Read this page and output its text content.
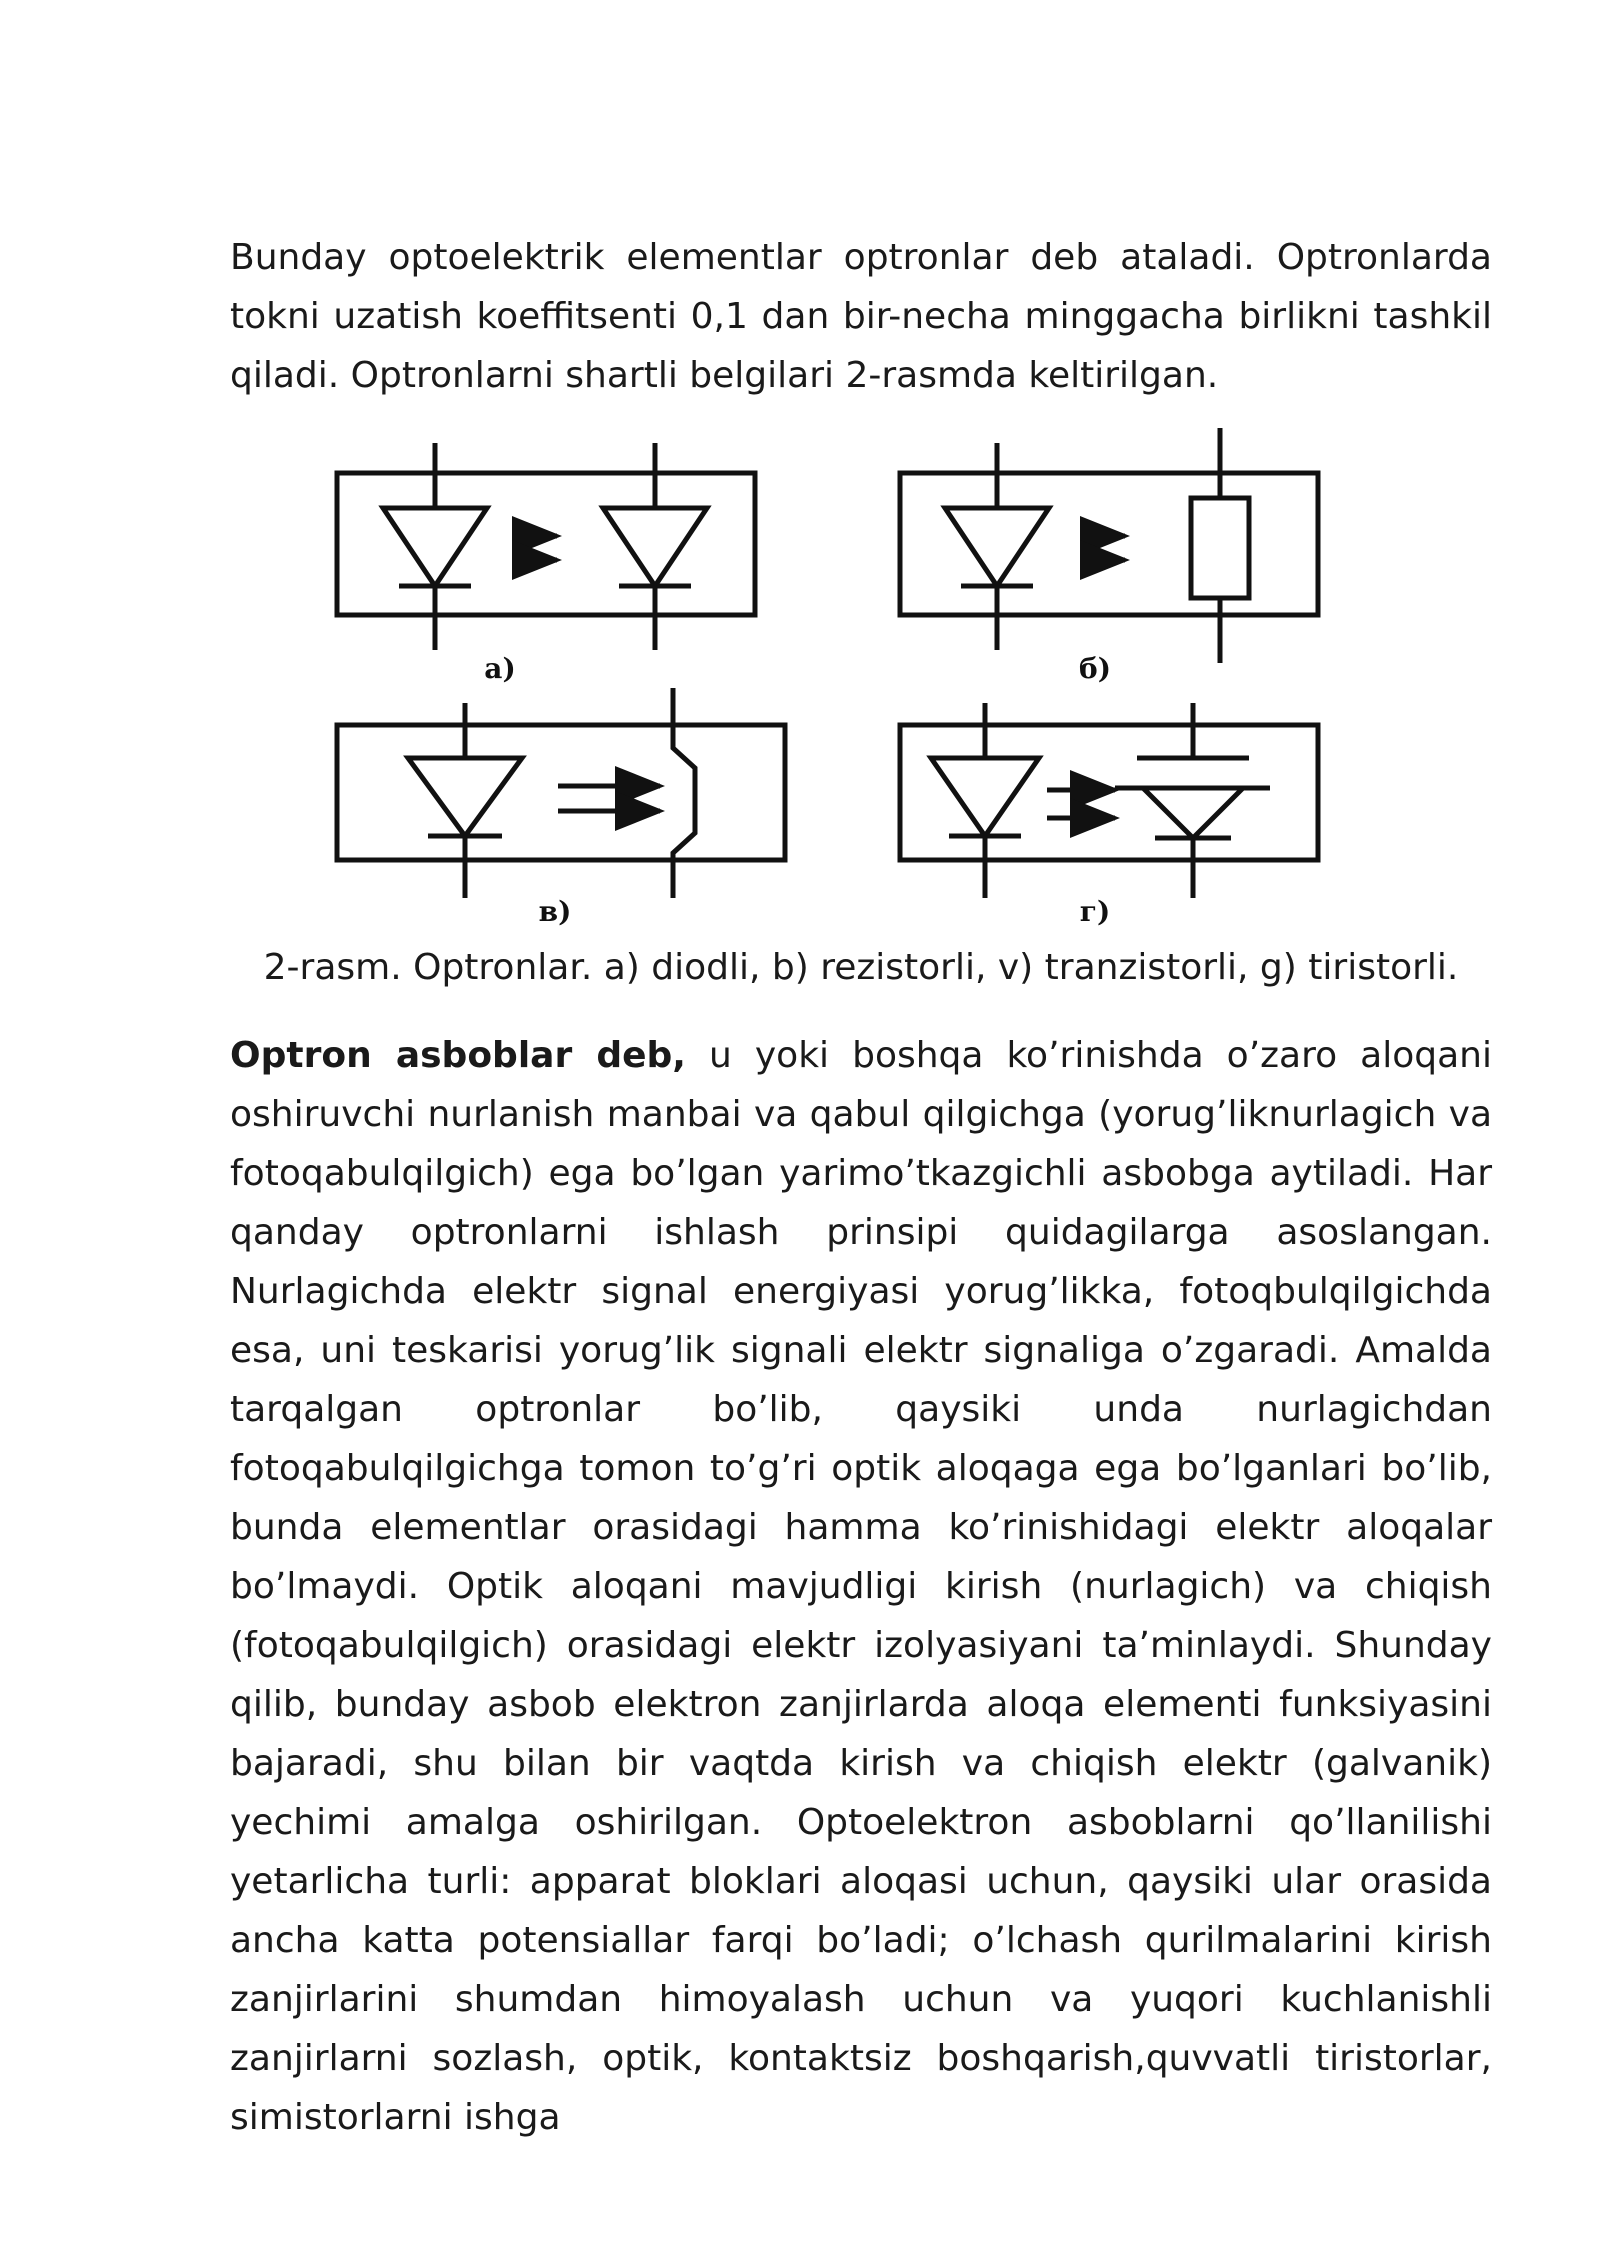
Bunday optoelektrik elementlar optronlar deb ataladi. Optronlarda tokni uzatish koeffitsenti 0,1 dan bir-necha minggacha birlikni tashkil qiladi. Optronlarni shartli belgilari 2-rasmda keltirilgan.

а)	б)
в)	г)

2-rasm. Optronlar. a) diodli, b) rezistorli, v) tranzistorli, g) tiristorli.

Optron asboblar deb, u yoki boshqa ko’rinishda o’zaro aloqani oshiruvchi nurlanish manbai va qabul qilgichga (yorug’liknurlagich va fotoqabulqilgich) ega bo’lgan yarimo’tkazgichli asbobga aytiladi. Har qanday optronlarni ishlash prinsipi quidagilarga asoslangan. Nurlagichda elektr signal energiyasi yorug’likka, fotoqbulqilgichda esa, uni teskarisi yorug’lik signali elektr signaliga o’zgaradi. Amalda tarqalgan optronlar bo’lib, qaysiki unda nurlagichdan fotoqabulqilgichga tomon to’g’ri optik aloqaga ega bo’lganlari bo’lib, bunda elementlar orasidagi hamma ko’rinishidagi elektr aloqalar bo’lmaydi. Optik aloqani mavjudligi kirish (nurlagich) va chiqish (fotoqabulqilgich) orasidagi elektr izolyasiyani ta’minlaydi. Shunday qilib, bunday asbob elektron zanjirlarda aloqa elementi funksiyasini bajaradi, shu bilan bir vaqtda kirish va chiqish elektr (galvanik) yechimi amalga oshirilgan. Optoelektron asboblarni qo’llanilishi yetarlicha turli: apparat bloklari aloqasi uchun, qaysiki ular orasida ancha katta potensiallar farqi bo’ladi; o’lchash qurilmalarini kirish zanjirlarini shumdan himoyalash uchun va yuqori kuchlanishli zanjirlarni sozlash, optik, kontaktsiz boshqarish,quvvatli tiristorlar, simistorlarni ishga
